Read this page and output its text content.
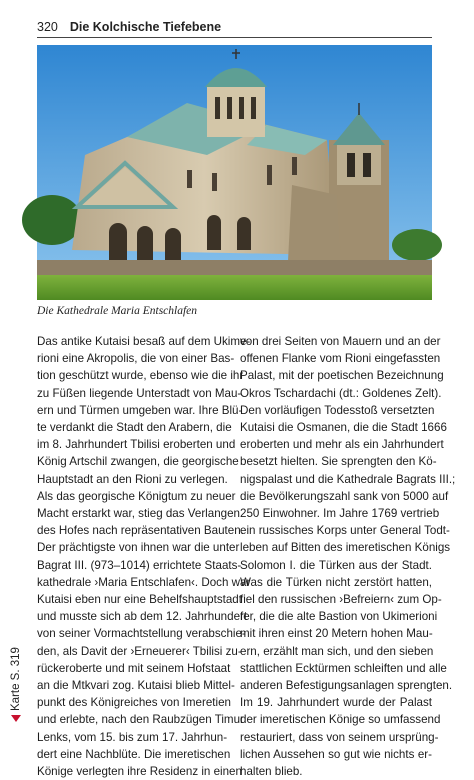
320 Die Kolchische Tiefebene
Die Kathedrale Maria Entschlafen
Das antike Kutaisi besaß auf dem Ukime-
rioni eine Akropolis, die von einer Bas-
tion geschützt wurde, ebenso wie die ihr
zu Füßen liegende Unterstadt von Mau-
ern und Türmen umgeben war. Ihre Blü-
te verdankt die Stadt den Arabern, die
im 8. Jahrhundert Tbilisi eroberten und
König Artschil zwangen, die georgische
Hauptstadt an den Rioni zu verlegen.
Als das georgische Königtum zu neuer
Macht erstarkt war, stieg das Verlangen
des Hofes nach repräsentativen Bauten.
Der prächtigste von ihnen war die unter
Bagrat III. (973–1014) errichtete Staats-
kathedrale ›Maria Entschlafen‹. Doch war
Kutaisi eben nur eine Behelfshauptstadt
und musste sich ab dem 12. Jahrhundert
von seiner Vormachtstellung verabschie-
den, als Davit der ›Erneuerer‹ Tbilisi zu-
rückeroberte und mit seinem Hofstaat
an die Mtkvari zog. Kutaisi blieb Mittel-
punkt des Königreiches von Imeretien
und erlebte, nach den Raubzügen Timur
Lenks, vom 15. bis zum 17. Jahrhun-
dert eine Nachblüte. Die imeretischen
Könige verlegten ihre Residenz in einen
von drei Seiten von Mauern und an der
offenen Flanke vom Rioni eingefassten
Palast, mit der poetischen Bezeichnung
Okros Tschardachi (dt.: Goldenes Zelt).
Den vorläufigen Todesstoß versetzten
Kutaisi die Osmanen, die die Stadt 1666
eroberten und mehr als ein Jahrhundert
besetzt hielten. Sie sprengten den Kö-
nigspalast und die Kathedrale Bagrats III.;
die Bevölkerungszahl sank von 5000 auf
250 Einwohner. Im Jahre 1769 vertrieb
ein russisches Korps unter General Todt-
leben auf Bitten des imeretischen Königs
Solomon I. die Türken aus der Stadt.
Was die Türken nicht zerstört hatten,
fiel den russischen ›Befreiern‹ zum Op-
fer, die die alte Bastion von Ukimerioni
mit ihren einst 20 Metern hohen Mau-
ern, erzählt man sich, und den sieben
stattlichen Ecktürmen schleiften und alle
anderen Befestigungsanlagen sprengten.
Im 19. Jahrhundert wurde der Palast
der imeretischen Könige so umfassend
restauriert, dass von seinem ursprüng-
lichen Aussehen so gut wie nichts er-
halten blieb.
Karte S. 319
